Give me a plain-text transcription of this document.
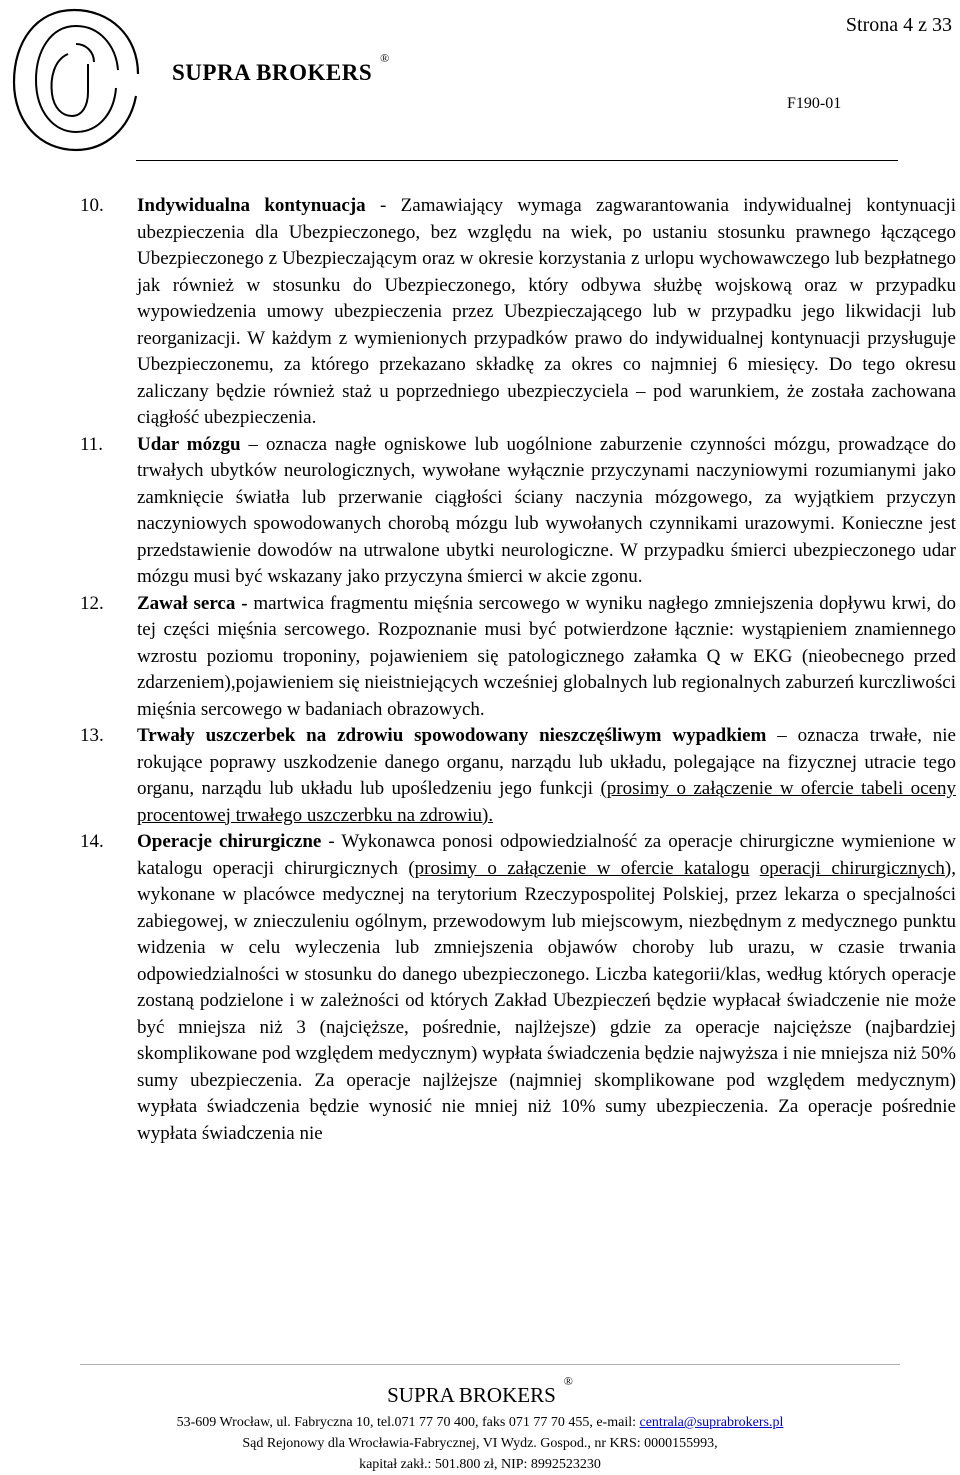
Strona 4 z 33
SUPRA BROKERS®
F190-01
10. Indywidualna kontynuacja - Zamawiający wymaga zagwarantowania indywidualnej kontynuacji ubezpieczenia dla Ubezpieczonego, bez względu na wiek, po ustaniu stosunku prawnego łączącego Ubezpieczonego z Ubezpieczającym oraz w okresie korzystania z urlopu wychowawczego lub bezpłatnego jak również w stosunku do Ubezpieczonego, który odbywa służbę wojskową oraz w przypadku wypowiedzenia umowy ubezpieczenia przez Ubezpieczającego lub w przypadku jego likwidacji lub reorganizacji. W każdym z wymienionych przypadków prawo do indywidualnej kontynuacji przysługuje Ubezpieczonemu, za którego przekazano składkę za okres co najmniej 6 miesięcy. Do tego okresu zaliczany będzie również staż u poprzedniego ubezpieczyciela – pod warunkiem, że została zachowana ciągłość ubezpieczenia.

11. Udar mózgu – oznacza nagłe ogniskowe lub uogólnione zaburzenie czynności mózgu, prowadzące do trwałych ubytków neurologicznych, wywołane wyłącznie przyczynami naczyniowymi rozumianymi jako zamknięcie światła lub przerwanie ciągłości ściany naczynia mózgowego, za wyjątkiem przyczyn naczyniowych spowodowanych chorobą mózgu lub wywołanych czynnikami urazowymi. Konieczne jest przedstawienie dowodów na utrwalone ubytki neurologiczne. W przypadku śmierci ubezpieczonego udar mózgu musi być wskazany jako przyczyna śmierci w akcie zgonu.

12. Zawał serca - martwica fragmentu mięśnia sercowego w wyniku nagłego zmniejszenia dopływu krwi, do tej części mięśnia sercowego. Rozpoznanie musi być potwierdzone łącznie: wystąpieniem znamiennego wzrostu poziomu troponiny, pojawieniem się patologicznego załamka Q w EKG (nieobecnego przed zdarzeniem),pojawieniem się nieistniejących wcześniej globalnych lub regionalnych zaburzeń kurczliwości mięśnia sercowego w badaniach obrazowych.

13. Trwały uszczerbek na zdrowiu spowodowany nieszczęśliwym wypadkiem – oznacza trwałe, nie rokujące poprawy uszkodzenie danego organu, narządu lub układu, polegające na fizycznej utracie tego organu, narządu lub układu lub upośledzeniu jego funkcji (prosimy o załączenie w ofercie tabeli oceny procentowej trwałego uszczerbku na zdrowiu).

14. Operacje chirurgiczne - Wykonawca ponosi odpowiedzialność za operacje chirurgiczne wymienione w katalogu operacji chirurgicznych (prosimy o załączenie w ofercie katalogu operacji chirurgicznych), wykonane w placówce medycznej na terytorium Rzeczypospolitej Polskiej, przez lekarza o specjalności zabiegowej, w znieczuleniu ogólnym, przewodowym lub miejscowym, niezbędnym z medycznego punktu widzenia w celu wyleczenia lub zmniejszenia objawów choroby lub urazu, w czasie trwania odpowiedzialności w stosunku do danego ubezpieczonego. Liczba kategorii/klas, według których operacje zostaną podzielone i w zależności od których Zakład Ubezpieczeń będzie wypłacał świadczenie nie może być mniejsza niż 3 (najcięższe, pośrednie, najlżejsze) gdzie za operacje najcięższe (najbardziej skomplikowane pod względem medycznym) wypłata świadczenia będzie najwyższa i nie mniejsza niż 50% sumy ubezpieczenia. Za operacje najlżejsze (najmniej skomplikowane pod względem medycznym) wypłata świadczenia będzie wynosić nie mniej niż 10% sumy ubezpieczenia. Za operacje pośrednie wypłata świadczenia nie

SUPRA BROKERS®
53-609 Wrocław, ul. Fabryczna 10, tel.071 77 70 400, faks 071 77 70 455, e-mail: centrala@suprabrokers.pl
Sąd Rejonowy dla Wrocławia-Fabrycznej, VI Wydz. Gospod., nr KRS: 0000155993,
kapitał zakł.: 501.800 zł, NIP: 8992523230
